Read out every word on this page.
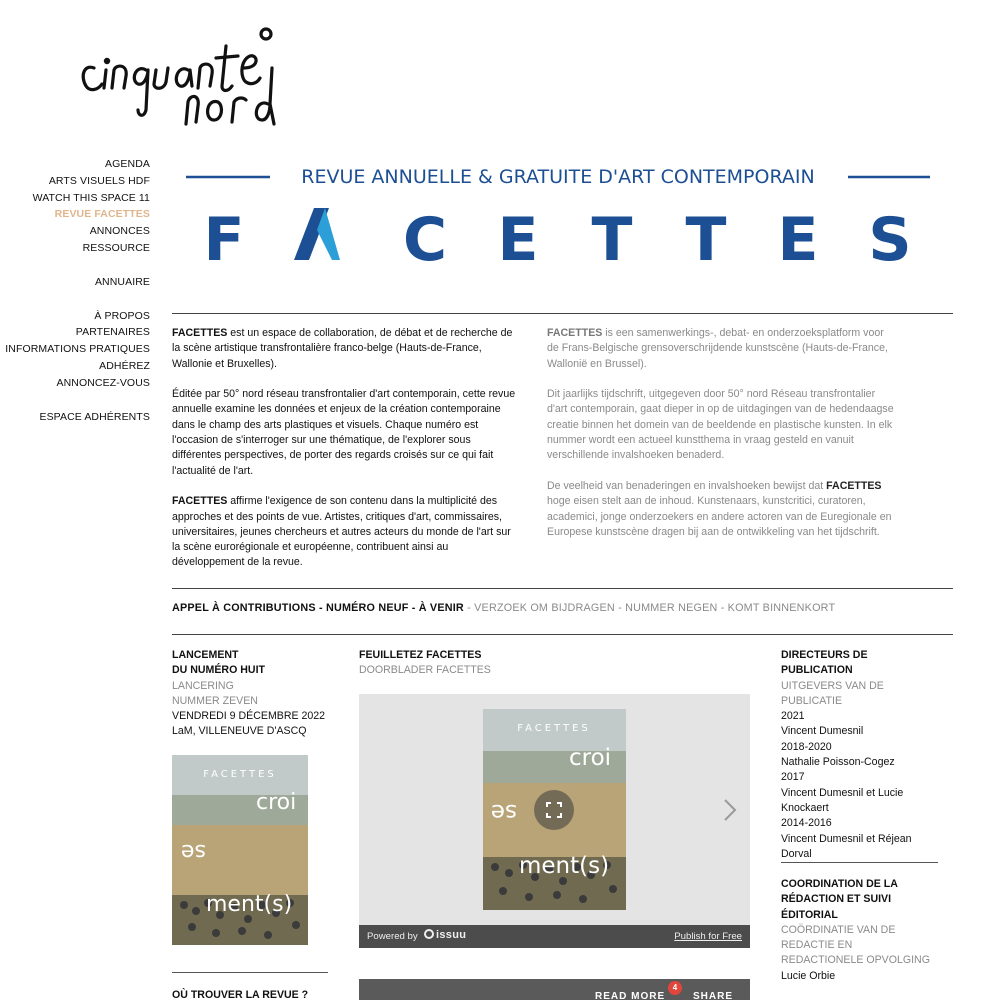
AGENDA
ARTS VISUELS HDF
WATCH THIS SPACE 11
REVUE FACETTES
ANNONCES
RESSOURCE
ANNUAIRE
À PROPOS
PARTENAIRES
INFORMATIONS PRATIQUES
ADHÉREZ
ANNONCEZ-VOUS
ESPACE ADHÉRENTS
REVUE ANNUELLE & GRATUITE D'ART CONTEMPORAIN
F	C E T T E S

FACETTES est un espace de collaboration, de débat et de recherche de la scène artistique transfrontalière franco-belge (Hauts-de-France, Wallonie et Bruxelles).

Éditée par 50° nord réseau transfrontalier d'art contemporain, cette revue annuelle examine les données et enjeux de la création contemporaine dans le champ des arts plastiques et visuels. Chaque numéro est l'occasion de s'interroger sur une thématique, de l'explorer sous différentes perspectives, de porter des regards croisés sur ce qui fait l'actualité de l'art.

FACETTES affirme l'exigence de son contenu dans la multiplicité des approches et des points de vue. Artistes, critiques d'art, commissaires, universitaires, jeunes chercheurs et autres acteurs du monde de l'art sur la scène eurorégionale et européenne, contribuent ainsi au développement de la revue.

FACETTES is een samenwerkings-, debat- en onderzoeksplatform voor de Frans-Belgische grensoverschrijdende kunstscène (Hauts-de-France, Wallonië en Brussel).

Dit jaarlijks tijdschrift, uitgegeven door 50° nord Réseau transfrontalier d'art contemporain, gaat dieper in op de uitdagingen van de hedendaagse creatie binnen het domein van de beeldende en plastische kunsten. In elk nummer wordt een actueel kunstthema in vraag gesteld en vanuit verschillende invalshoeken benaderd.

De veelheid van benaderingen en invalshoeken bewijst dat FACETTES hoge eisen stelt aan de inhoud. Kunstenaars, kunstcritici, curatoren, academici, jonge onderzoekers en andere actoren van de Euregionale en Europese kunstscène dragen bij aan de ontwikkeling van het tijdschrift.

APPEL À CONTRIBUTIONS - NUMÉRO NEUF - À VENIR - VERZOEK OM BIJDRAGEN - NUMMER NEGEN - KOMT BINNENKORT
LANCEMENT
DU NUMÉRO HUIT
LANCERING
NUMMER ZEVEN
VENDREDI 9 DÉCEMBRE 2022
LaM, VILLENEUVE D'ASCQ
FACETTES
croi
se
ment(s)
OÙ TROUVER LA REVUE ?
FEUILLETEZ FACETTES
DOORBLADER FACETTES
FACETTES
croi
se
ment(s)
Powered by	issuu	Publish for Free
READ MORE
4
SHARE
DIRECTEURS DE
PUBLICATION
UITGEVERS VAN DE PUBLICATIE
2021
Vincent Dumesnil
2018-2020
Nathalie Poisson-Cogez
2017
Vincent Dumesnil et Lucie Knockaert
2014-2016
Vincent Dumesnil et Réjean Dorval
COORDINATION DE LA RÉDACTION ET SUIVI ÉDITORIAL
COÖRDINATIE VAN DE REDACTIE EN REDACTIONELE OPVOLGING
Lucie Orbie
